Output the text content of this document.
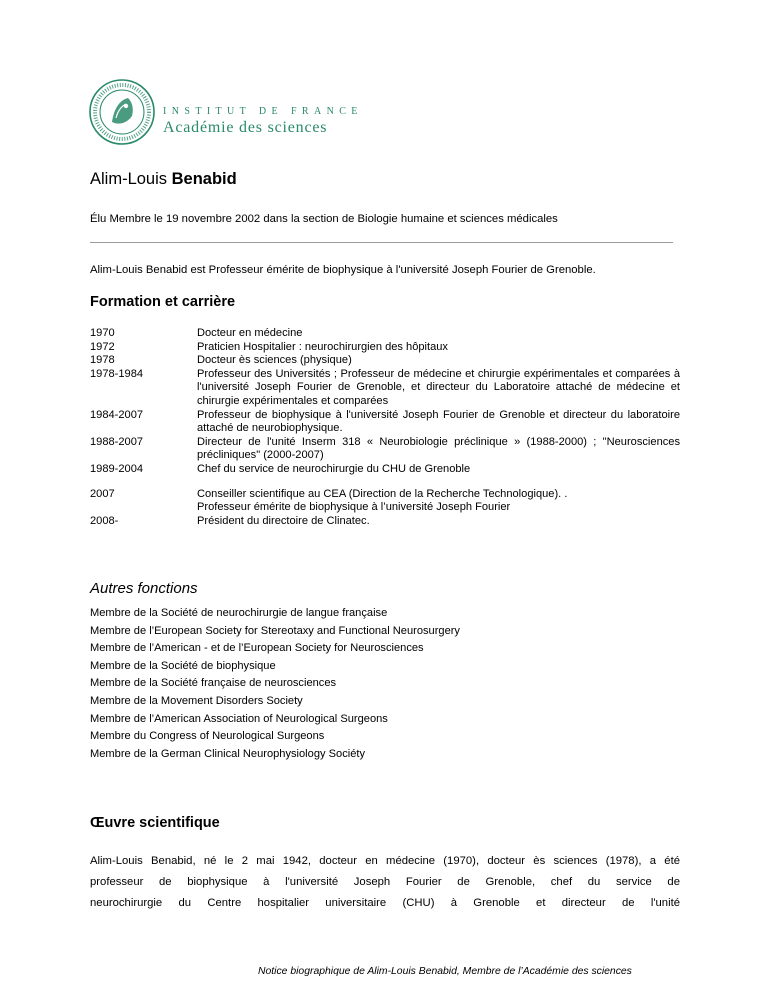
INSTITUT DE FRANCE
Académie des sciences
Alim-Louis Benabid
Élu Membre le 19 novembre 2002 dans la section de Biologie humaine et sciences médicales
Alim-Louis Benabid est Professeur émérite de biophysique à l'université Joseph Fourier de Grenoble.
Formation et carrière
1970	Docteur en médecine
1972	Praticien Hospitalier : neurochirurgien des hôpitaux
1978	Docteur ès sciences (physique)
1978-1984	Professeur des Universités ; Professeur de médecine et chirurgie expérimentales et comparées à l'université Joseph Fourier de Grenoble, et directeur du Laboratoire attaché de médecine et chirurgie expérimentales et comparées
1984-2007	Professeur de biophysique à l'université Joseph Fourier de Grenoble et directeur du laboratoire attaché de neurobiophysique.
1988-2007	Directeur de l'unité Inserm 318 « Neurobiologie préclinique » (1988-2000) ; "Neurosciences précliniques" (2000-2007)
1989-2004	Chef du service de neurochirurgie du CHU de Grenoble
2007	Conseiller scientifique au CEA (Direction de la Recherche Technologique). .
Professeur émérite de biophysique à l’université Joseph Fourier
2008-	Président du directoire de Clinatec.
Autres fonctions
Membre de la Société de neurochirurgie de langue française
Membre de l’European Society for Stereotaxy and Functional Neurosurgery
Membre de l’American - et de l’European Society for Neurosciences
Membre de la Société de biophysique
Membre de la Société française de neurosciences
Membre de la Movement Disorders Society
Membre de l’American Association of Neurological Surgeons
Membre du Congress of Neurological Surgeons
Membre de la German Clinical Neurophysiology Sociéty
Œuvre scientifique

Alim-Louis Benabid, né le 2 mai 1942, docteur en médecine (1970), docteur ès sciences (1978), a été
professeur de biophysique à l'université Joseph Fourier de Grenoble, chef du service de
neurochirurgie du Centre hospitalier universitaire (CHU) à Grenoble et directeur de l'unité

Notice biographique de Alim-Louis Benabid, Membre de l’Académie des sciences
